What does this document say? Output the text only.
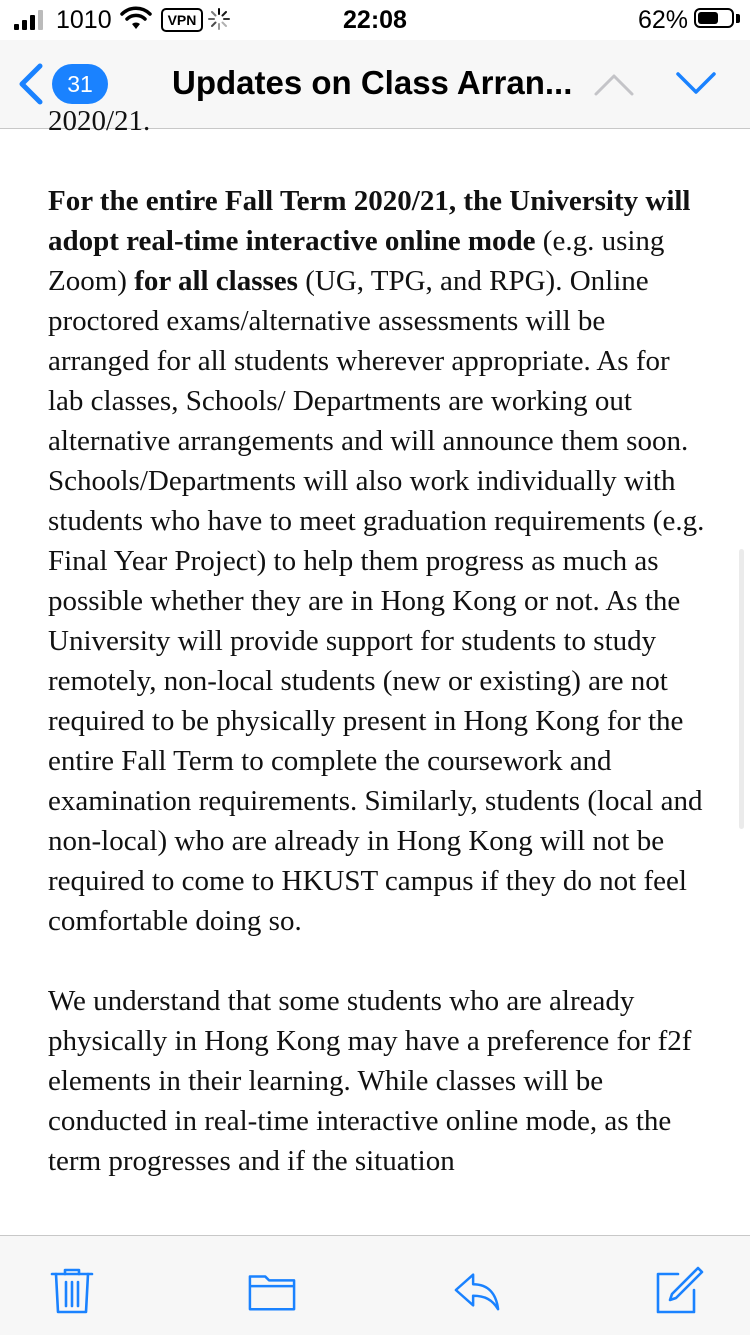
1010	VPN	22:08	62%
31	Updates on Class Arran...

2020/21.

For the entire Fall Term 2020/21, the University will adopt real-time interactive online mode (e.g. using Zoom) for all classes (UG, TPG, and RPG). Online proctored exams/alternative assessments will be arranged for all students wherever appropriate. As for lab classes, Schools/ Departments are working out alternative arrangements and will announce them soon. Schools/Departments will also work individually with students who have to meet graduation requirements (e.g. Final Year Project) to help them progress as much as possible whether they are in Hong Kong or not. As the University will provide support for students to study remotely, non-local students (new or existing) are not required to be physically present in Hong Kong for the entire Fall Term to complete the coursework and examination requirements. Similarly, students (local and non-local) who are already in Hong Kong will not be required to come to HKUST campus if they do not feel comfortable doing so.

We understand that some students who are already physically in Hong Kong may have a preference for f2f elements in their learning. While classes will be conducted in real-time interactive online mode, as the term progresses and if the situation
